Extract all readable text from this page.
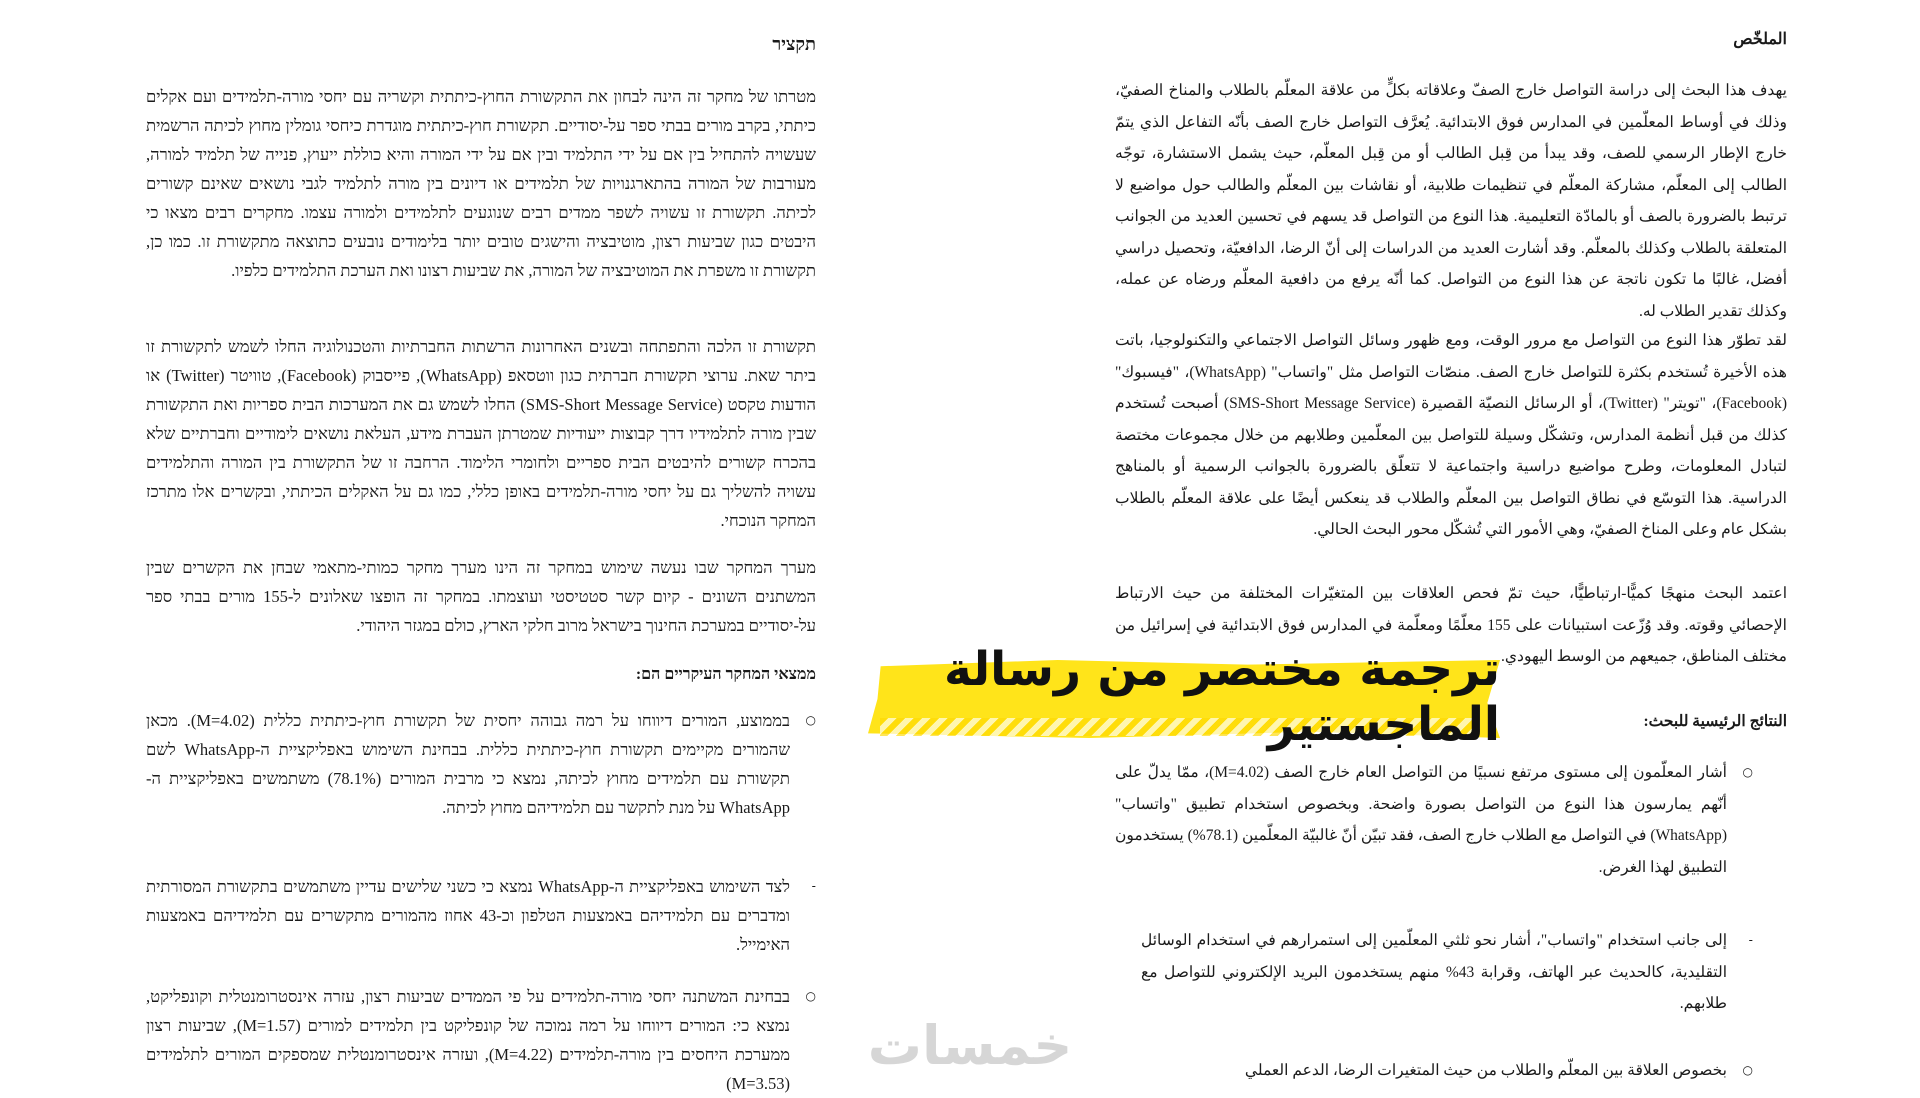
תקציר

מטרתו של מחקר זה הינה לבחון את התקשורת החוץ-כיתתית וקשריה עם יחסי מורה-תלמידים ועם אקלים כיתתי, בקרב מורים בבתי ספר על-יסודיים. תקשורת חוץ-כיתתית מוגדרת כיחסי גומלין מחוץ לכיתה הרשמית שעשויה להתחיל בין אם על ידי התלמיד ובין אם על ידי המורה והיא כוללת ייעוץ, פנייה של תלמיד למורה, מעורבות של המורה בהתארגנויות של תלמידים או דיונים בין מורה לתלמיד לגבי נושאים שאינם קשורים לכיתה. תקשורת זו עשויה לשפר ממדים רבים שנוגעים לתלמידים ולמורה עצמו. מחקרים רבים מצאו כי היבטים כגון שביעות רצון, מוטיבציה והישגים טובים יותר בלימודים נובעים כתוצאה מתקשורת זו. כמו כן, תקשורת זו משפרת את המוטיבציה של המורה, את שביעות רצונו ואת הערכת התלמידים כלפיו.

תקשורת זו הלכה והתפתחה ובשנים האחרונות הרשתות החברתיות והטכנולוגיה החלו לשמש לתקשורת זו ביתר שאת. ערוצי תקשורת חברתית כגון ווטסאפ (WhatsApp), פייסבוק (Facebook), טוויטר (Twitter) או הודעות טקסט (SMS-Short Message Service) החלו לשמש גם את המערכות הבית ספריות ואת התקשורת שבין מורה לתלמידיו דרך קבוצות ייעודיות שמטרתן העברת מידע, העלאת נושאים לימודיים וחברתיים שלא בהכרח קשורים להיבטים הבית ספריים ולחומרי הלימוד. הרחבה זו של התקשורת בין המורה והתלמידים עשויה להשליך גם על יחסי מורה-תלמידים באופן כללי, כמו גם על האקלים הכיתתי, ובקשרים אלו מתרכז המחקר הנוכחי.

מערך המחקר שבו נעשה שימוש במחקר זה הינו מערך מחקר כמותי-מתאמי שבחן את הקשרים שבין המשתנים השונים - קיום קשר סטטיסטי ועוצמתו. במחקר זה הופצו שאלונים ל-155 מורים בבתי ספר על-יסודיים במערכת החינוך בישראל מרוב חלקי הארץ, כולם במגזר היהודי.

ממצאי המחקר העיקריים הם:

○
בממוצע, המורים דיווחו על רמה גבוהה יחסית של תקשורת חוץ-כיתתית כללית (M=4.02). מכאן שהמורים מקיימים תקשורת חוץ-כיתתית כללית. בבחינת השימוש באפליקציית ה-WhatsApp לשם תקשורת עם תלמידים מחוץ לכיתה, נמצא כי מרבית המורים (78.1%) משתמשים באפליקציית ה-WhatsApp על מנת לתקשר עם תלמידיהם מחוץ לכיתה.
-
לצד השימוש באפליקציית ה-WhatsApp נמצא כי כשני שלישים עדיין משתמשים בתקשורת המסורתית ומדברים עם תלמידיהם באמצעות הטלפון וכ-43 אחוז מהמורים מתקשרים עם תלמידיהם באמצעות האימייל.
○
בבחינת המשתנה יחסי מורה-תלמידים על פי הממדים שביעות רצון, עזרה אינסטרומנטלית וקונפליקט, נמצא כי: המורים דיווחו על רמה נמוכה של קונפליקט בין תלמידים למורים (M=1.57), שביעות רצון ממערכת היחסים בין מורה-תלמידים (M=4.22), ועזרה אינסטרומנטלית שמספקים המורים לתלמידים (M=3.53)

الملخّص

يهدف هذا البحث إلى دراسة التواصل خارج الصفّ وعلاقاته بكلٍّ من علاقة المعلّم بالطلاب والمناخ الصفيّ، وذلك في أوساط المعلّمين في المدارس فوق الابتدائية. يُعرَّف التواصل خارج الصف بأنّه التفاعل الذي يتمّ خارج الإطار الرسمي للصف، وقد يبدأ من قِبل الطالب أو من قِبل المعلّم، حيث يشمل الاستشارة، توجّه الطالب إلى المعلّم، مشاركة المعلّم في تنظيمات طلابية، أو نقاشات بين المعلّم والطالب حول مواضيع لا ترتبط بالضرورة بالصف أو بالمادّة التعليمية. هذا النوع من التواصل قد يسهم في تحسين العديد من الجوانب المتعلقة بالطلاب وكذلك بالمعلّم. وقد أشارت العديد من الدراسات إلى أنّ الرضا، الدافعيّة، وتحصيل دراسي أفضل، غالبًا ما تكون ناتجة عن هذا النوع من التواصل. كما أنّه يرفع من دافعية المعلّم ورضاه عن عمله، وكذلك تقدير الطلاب له.

لقد تطوّر هذا النوع من التواصل مع مرور الوقت، ومع ظهور وسائل التواصل الاجتماعي والتكنولوجيا، باتت هذه الأخيرة تُستخدم بكثرة للتواصل خارج الصف. منصّات التواصل مثل "واتساب" (WhatsApp)، "فيسبوك" (Facebook)، "تويتر" (Twitter)، أو الرسائل النصيّة القصيرة (SMS-Short Message Service) أصبحت تُستخدم كذلك من قبل أنظمة المدارس، وتشكّل وسيلة للتواصل بين المعلّمين وطلابهم من خلال مجموعات مختصة لتبادل المعلومات، وطرح مواضيع دراسية واجتماعية لا تتعلّق بالضرورة بالجوانب الرسمية أو بالمناهج الدراسية. هذا التوسّع في نطاق التواصل بين المعلّم والطلاب قد ينعكس أيضًا على علاقة المعلّم بالطلاب بشكل عام وعلى المناخ الصفيّ، وهي الأمور التي تُشكّل محور البحث الحالي.

اعتمد البحث منهجًا كميًّا-ارتباطيًّا، حيث تمّ فحص العلاقات بين المتغيّرات المختلفة من حيث الارتباط الإحصائي وقوته. وقد وُزّعت استبيانات على 155 معلّمًا ومعلّمة في المدارس فوق الابتدائية في إسرائيل من مختلف المناطق، جميعهم من الوسط اليهودي.

النتائج الرئيسية للبحث:

○
أشار المعلّمون إلى مستوى مرتفع نسبيًا من التواصل العام خارج الصف (M=4.02)، ممّا يدلّ على أنّهم يمارسون هذا النوع من التواصل بصورة واضحة. وبخصوص استخدام تطبيق "واتساب" (WhatsApp) في التواصل مع الطلاب خارج الصف، فقد تبيّن أنّ غالبيّة المعلّمين (78.1%) يستخدمون التطبيق لهذا الغرض.
-
إلى جانب استخدام "واتساب"، أشار نحو ثلثي المعلّمين إلى استمرارهم في استخدام الوسائل التقليدية، كالحديث عبر الهاتف، وقرابة 43% منهم يستخدمون البريد الإلكتروني للتواصل مع طلابهم.
○
بخصوص العلاقة بين المعلّم والطلاب من حيث المتغيرات الرضا، الدعم العملي
ترجمة مختصر من رسالة الماجستير
خمسات
